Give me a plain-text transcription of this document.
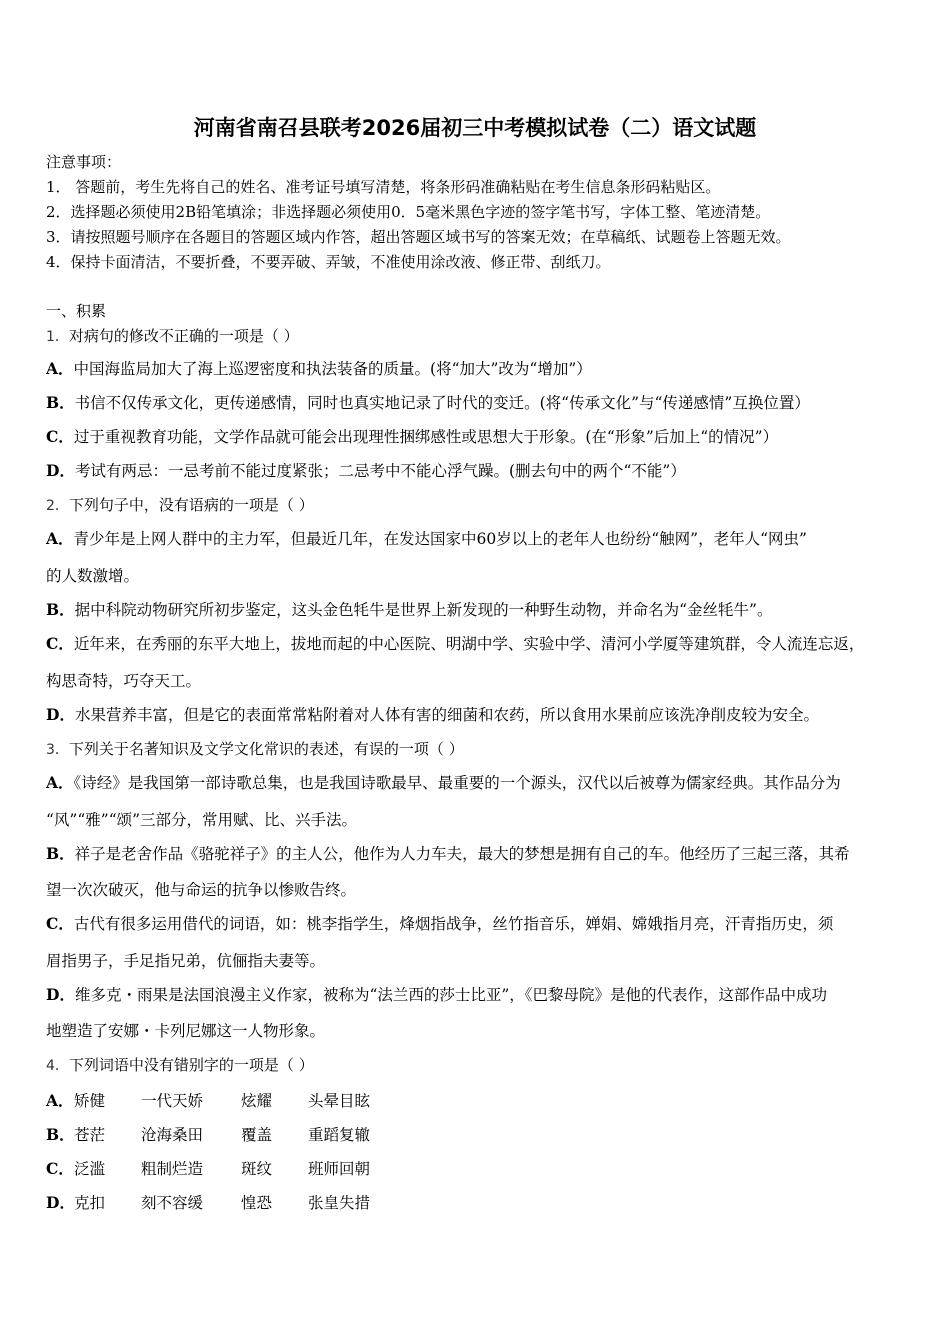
河南省南召县联考2026届初三中考模拟试卷（二）语文试题
注意事项：
1． 答题前，考生先将自己的姓名、准考证号填写清楚，将条形码准确粘贴在考生信息条形码粘贴区。
2．选择题必须使用2B铅笔填涂；非选择题必须使用0．5毫米黑色字迹的签字笔书写，字体工整、笔迹清楚。
3．请按照题号顺序在各题目的答题区域内作答，超出答题区域书写的答案无效；在草稿纸、试题卷上答题无效。
4．保持卡面清洁，不要折叠，不要弄破、弄皱，不准使用涂改液、修正带、刮纸刀。
一、积累
1．对病句的修改不正确的一项是（ ）
A．中国海监局加大了海上巡逻密度和执法装备的质量。(将“加大”改为“增加”）
B．书信不仅传承文化，更传递感情，同时也真实地记录了时代的变迁。(将“传承文化”与“传递感情”互换位置）
C．过于重视教育功能，文学作品就可能会出现理性捆绑感性或思想大于形象。(在“形象”后加上“的情况”）
D．考试有两忌：一忌考前不能过度紧张；二忌考中不能心浮气躁。(删去句中的两个“不能”）
2．下列句子中，没有语病的一项是（ ）
A．青少年是上网人群中的主力军，但最近几年，在发达国家中60岁以上的老年人也纷纷“触网”，老年人“网虫”
的人数激增。
B．据中科院动物研究所初步鉴定，这头金色牦牛是世界上新发现的一种野生动物，并命名为“金丝牦牛”。
C．近年来，在秀丽的东平大地上，拔地而起的中心医院、明湖中学、实验中学、清河小学厦等建筑群，令人流连忘返，
构思奇特，巧夺天工。
D．水果营养丰富，但是它的表面常常粘附着对人体有害的细菌和农药，所以食用水果前应该洗净削皮较为安全。
3．下列关于名著知识及文学文化常识的表述，有误的一项（ ）
A．《诗经》是我国第一部诗歌总集，也是我国诗歌最早、最重要的一个源头，汉代以后被尊为儒家经典。其作品分为
“风”“雅”“颂”三部分，常用赋、比、兴手法。
B．祥子是老舍作品《骆驼祥子》的主人公，他作为人力车夫，最大的梦想是拥有自己的车。他经历了三起三落，其希
望一次次破灭，他与命运的抗争以惨败告终。
C．古代有很多运用借代的词语，如：桃李指学生，烽烟指战争，丝竹指音乐，婵娟、嫦娥指月亮，汗青指历史，须
眉指男子，手足指兄弟，伉俪指夫妻等。
D．维多克・雨果是法国浪漫主义作家，被称为“法兰西的莎士比亚”，《巴黎母院》是他的代表作，这部作品中成功
地塑造了安娜・卡列尼娜这一人物形象。
4．下列词语中没有错别字的一项是（ ）
A． 矫健 一代天娇 炫耀 头晕目眩
B． 苍茫 沧海桑田 覆盖 重蹈复辙
C． 泛滥 粗制烂造 斑纹 班师回朝
D． 克扣 刻不容缓 惶恐 张皇失措
